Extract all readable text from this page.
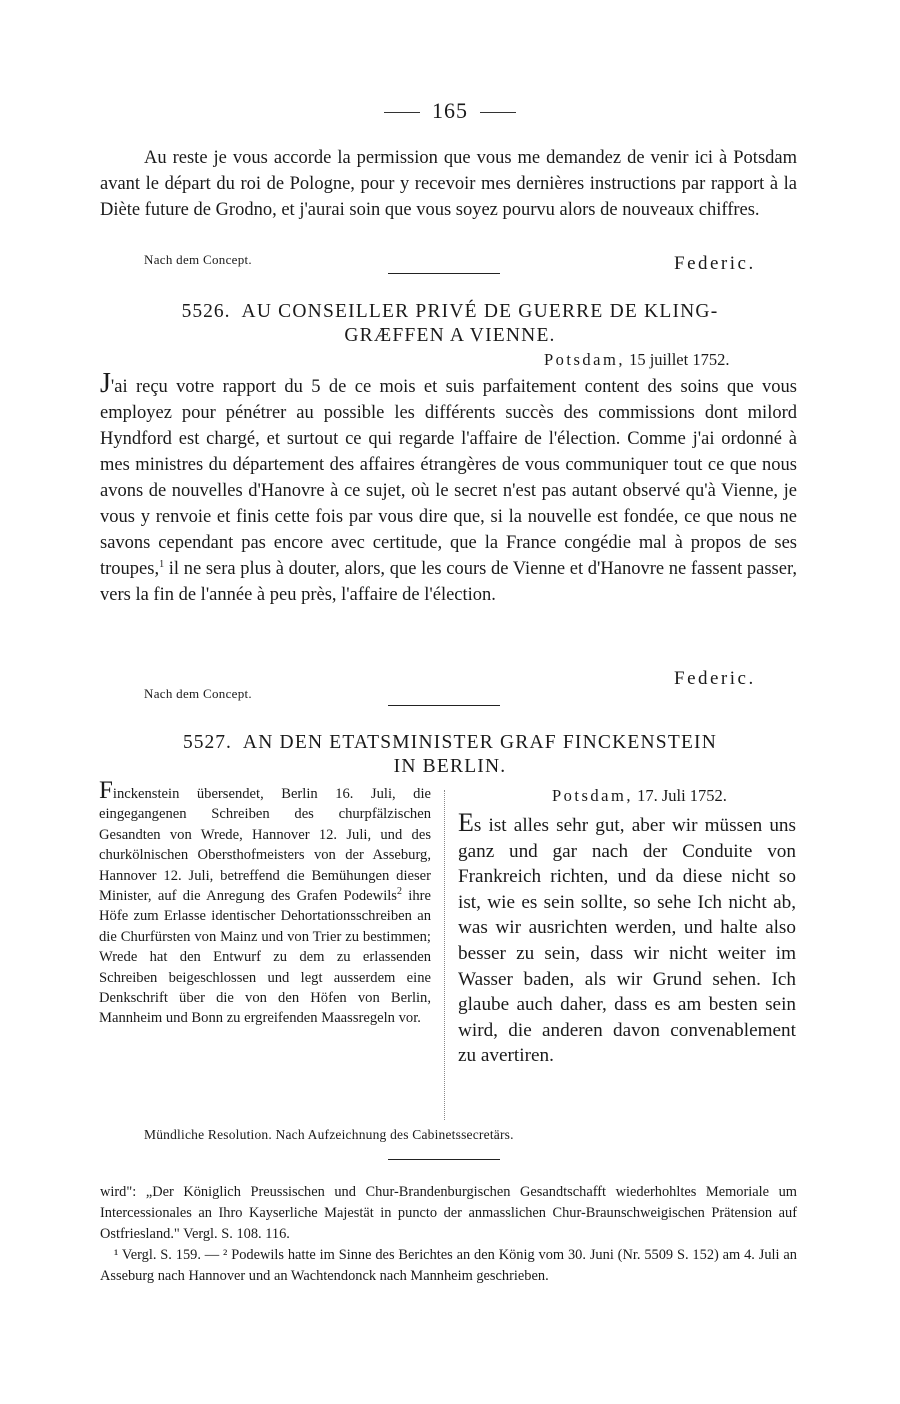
165
Au reste je vous accorde la permission que vous me demandez de venir ici à Potsdam avant le départ du roi de Pologne, pour y recevoir mes dernières instructions par rapport à la Diète future de Grodno, et j'aurai soin que vous soyez pourvu alors de nouveaux chiffres.
Nach dem Concept.	Federic.
5526. AU CONSEILLER PRIVÉ DE GUERRE DE KLING-
GRÆFFEN A VIENNE.
Potsdam, 15 juillet 1752.
J'ai reçu votre rapport du 5 de ce mois et suis parfaitement content des soins que vous employez pour pénétrer au possible les différents succès des commissions dont milord Hyndford est chargé, et surtout ce qui regarde l'affaire de l'élection. Comme j'ai ordonné à mes ministres du département des affaires étrangères de vous communiquer tout ce que nous avons de nouvelles d'Hanovre à ce sujet, où le secret n'est pas autant observé qu'à Vienne, je vous y renvoie et finis cette fois par vous dire que, si la nouvelle est fondée, ce que nous ne savons cependant pas encore avec certitude, que la France congédie mal à propos de ses troupes,$^1$ il ne sera plus à douter, alors, que les cours de Vienne et d'Hanovre ne fassent passer, vers la fin de l'année à peu près, l'affaire de l'élection.
Nach dem Concept.
Federic.
5527. AN DEN ETATSMINISTER GRAF FINCKENSTEIN
IN BERLIN.
Finckenstein übersendet, Berlin 16. Juli, die eingegangenen Schreiben des churpfälzischen Gesandten von Wrede, Hannover 12. Juli, und des churkölnischen Obersthofmeisters von der Asseburg, Hannover 12. Juli, betreffend die Bemühungen dieser Minister, auf die Anregung des Grafen Podewils$^2$ ihre Höfe zum Erlasse identischer Dehortationsschreiben an die Churfürsten von Mainz und von Trier zu bestimmen; Wrede hat den Entwurf zu dem zu erlassenden Schreiben beigeschlossen und legt ausserdem eine Denkschrift über die von den Höfen von Berlin, Mannheim und Bonn zu ergreifenden Maassregeln vor.
Potsdam, 17. Juli 1752.
Es ist alles sehr gut, aber wir müssen uns ganz und gar nach der Conduite von Frankreich richten, und da diese nicht so ist, wie es sein sollte, so sehe Ich nicht ab, was wir ausrichten werden, und halte also besser zu sein, dass wir nicht weiter im Wasser baden, als wir Grund sehen. Ich glaube auch daher, dass es am besten sein wird, die anderen davon convenablement zu avertiren.
Mündliche Resolution. Nach Aufzeichnung des Cabinetssecretärs.
wird": „Der Königlich Preussischen und Chur-Brandenburgischen Gesandtschafft wiederhohltes Memoriale um Intercessionales an Ihro Kayserliche Majestät in puncto der anmasslichen Chur-Braunschweigischen Prätension auf Ostfriesland." Vergl. S. 108. 116.
¹ Vergl. S. 159. — ² Podewils hatte im Sinne des Berichtes an den König vom 30. Juni (Nr. 5509 S. 152) am 4. Juli an Asseburg nach Hannover und an Wachtendonck nach Mannheim geschrieben.
